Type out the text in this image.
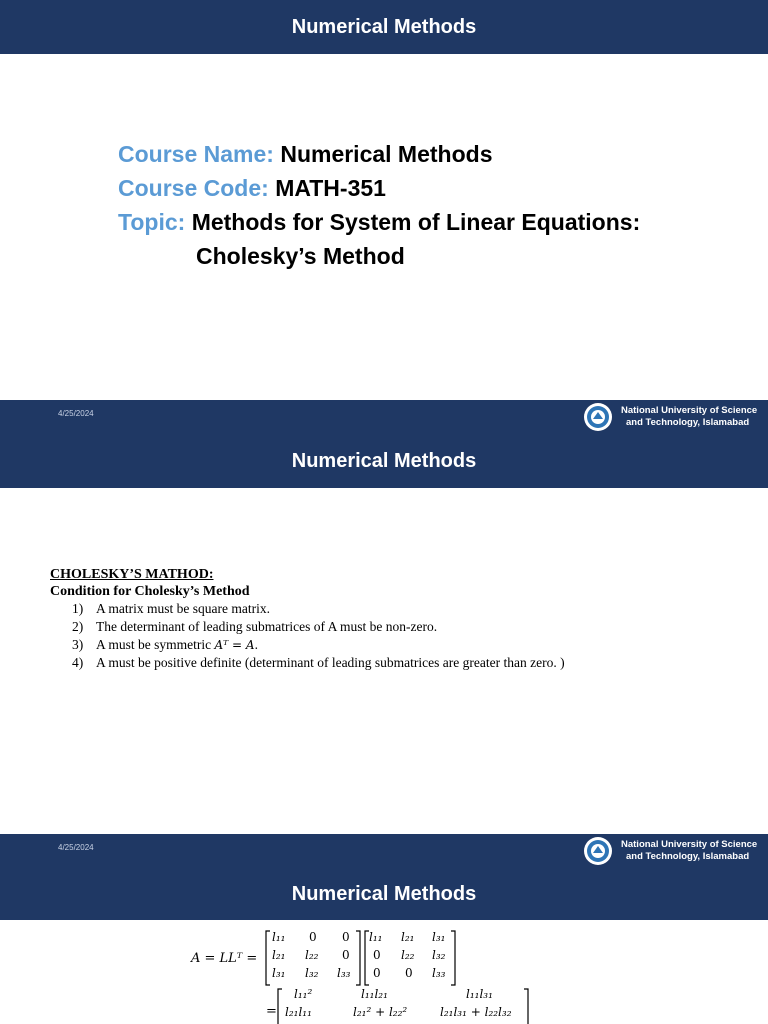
Numerical Methods
Course Name: Numerical Methods
Course Code: MATH-351
Topic: Methods for System of Linear Equations:
Cholesky’s Method
4/25/2024	National University of Science
and Technology, Islamabad
Numerical Methods
CHOLESKY’S MATHOD:
Condition for Cholesky’s Method
1) A matrix must be square matrix.
2) The determinant of leading submatrices of A must be non-zero.
3) A must be symmetric Aᵀ = A.
4) A must be positive definite (determinant of leading submatrices are greater than zero. )
4/25/2024	National University of Science
and Technology, Islamabad
Numerical Methods
A = LLᵀ =
l₁₁ 0 0
l₂₁ l₂₂ 0
l₃₁ l₃₂ l₃₃
l₁₁ l₂₁ l₃₁
0 l₂₂ l₃₂
0 0 l₃₃
=
l₁₁²	l₁₁l₂₁	l₁₁l₃₁
l₂₁l₁₁	l₂₁² + l₂₂²	l₂₁l₃₁ + l₂₂l₃₂
